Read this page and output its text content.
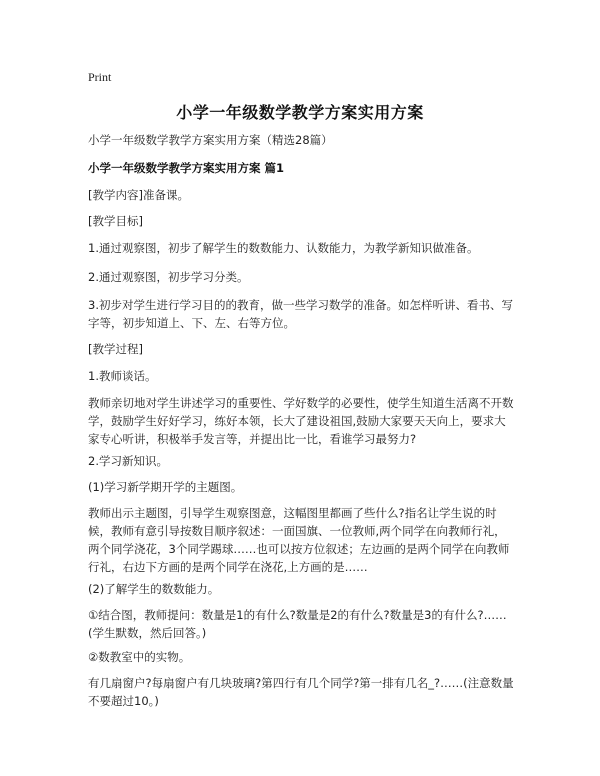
Print
小学一年级数学教学方案实用方案
小学一年级数学教学方案实用方案（精选28篇）
小学一年级数学教学方案实用方案 篇1
[教学内容]准备课。
[教学目标]
1.通过观察图，初步了解学生的数数能力、认数能力，为教学新知识做准备。
2.通过观察图，初步学习分类。
3.初步对学生进行学习目的的教育，做一些学习数学的准备。如怎样听讲、看书、写字等，初步知道上、下、左、右等方位。
[教学过程]
1.教师谈话。
教师亲切地对学生讲述学习的重要性、学好数学的必要性，使学生知道生活离不开数学，鼓励学生好好学习，练好本领，长大了建设祖国,鼓励大家要天天向上，要求大家专心听讲，积极举手发言等，并提出比一比，看谁学习最努力?
2.学习新知识。
(1)学习新学期开学的主题图。
教师出示主题图，引导学生观察图意，这幅图里都画了些什么?指名让学生说的时候，教师有意引导按数目顺序叙述：一面国旗、一位教师,两个同学在向教师行礼，两个同学浇花，3个同学踢球……也可以按方位叙述；左边画的是两个同学在向教师行礼，右边下方画的是两个同学在浇花,上方画的是……
(2)了解学生的数数能力。
①结合图，教师提问：数量是1的有什么?数量是2的有什么?数量是3的有什么?……(学生默数，然后回答。)
②数教室中的实物。
有几扇窗户?每扇窗户有几块玻璃?第四行有几个同学?第一排有几名_?……(注意数量不要超过10。)
